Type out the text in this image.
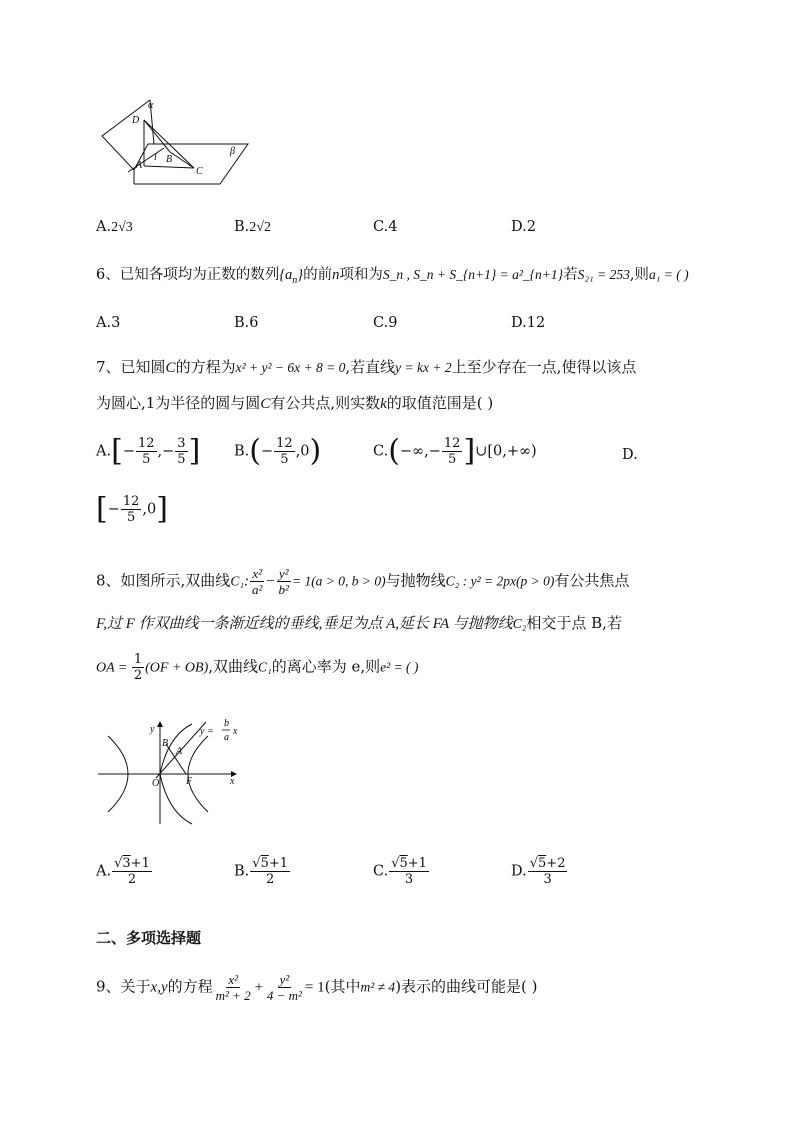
α
D
β
A
l B
C
A.2√3	B.2√2	C.4	D.2
6、已知各项均为正数的数列$\{a_n\}$的前n项和为S_n , S_n + S_{n+1} = a²_{n+1}若S₂₁ = 253,则a₁ = ( )
A.3	B.6	C.9	D.12
7、已知圆C的方程为x² + y² − 6x + 8 = 0,若直线y = kx + 2上至少存在一点,使得以该点
为圆心,1为半径的圆与圆C有公共点,则实数k的取值范围是( )
$A.[- \frac{12}{5}$ ,− $\frac{3}{5}$ ] $B.(- \frac{12}{5} ,0)$	$C.(-\infty,- \frac{12}{5}$ ]∪[0,+∞)	D.
[− $\frac{12}{5} ,0$]
8、如图所示,双曲线C₁: $\frac{\text{x²}}{\text{a²}} - \frac{\text{y²}}{\text{b²}} = 1(a > 0$, b > 0)与抛物线C₂ : y² = 2px(p > 0)有公共焦点
F,过 F 作双曲线一条渐近线的垂线,垂足为点 A,延长 FA 与抛物线C₂相交于点 B,若
OA = $\frac{1}{2} (OF + OB)$,双曲线C₁的离心率为 e,则e² = ( )
y
B
A
O	F	x
y =
b
a
x
A. $\frac{√3+1}{2}$	B. $\frac{√5+1}{2}$	C. $\frac{√5+1}{3}$	D. $\frac{√5+2}{3}$
二、多项选择题
9、关于x,y的方程 $\frac{\text{x²}}{\text{m² + 2}} + \frac{\text{y²}}{\text{4 − m²}} = 1$(其中m² ≠ 4)表示的曲线可能是( )
